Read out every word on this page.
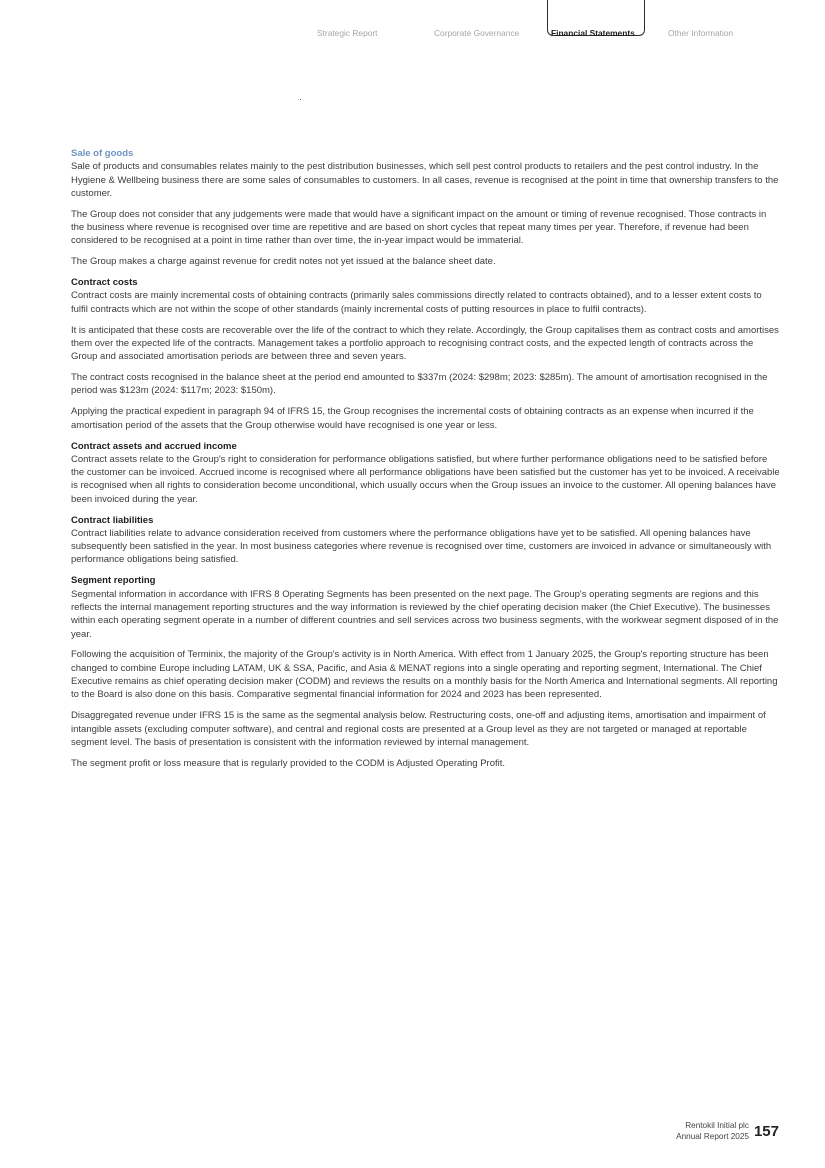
Strategic Report	Corporate Governance	Financial Statements	Other Information
Sale of goods

Sale of products and consumables relates mainly to the pest distribution businesses, which sell pest control products to retailers and the pest control industry. In the Hygiene & Wellbeing business there are some sales of consumables to customers. In all cases, revenue is recognised at the point in time that ownership transfers to the customer.

The Group does not consider that any judgements were made that would have a significant impact on the amount or timing of revenue recognised. Those contracts in the business where revenue is recognised over time are repetitive and are based on short cycles that repeat many times per year. Therefore, if revenue had been considered to be recognised at a point in time rather than over time, the in-year impact would be immaterial.

The Group makes a charge against revenue for credit notes not yet issued at the balance sheet date.

Contract costs

Contract costs are mainly incremental costs of obtaining contracts (primarily sales commissions directly related to contracts obtained), and to a lesser extent costs to fulfil contracts which are not within the scope of other standards (mainly incremental costs of putting resources in place to fulfil contracts).

It is anticipated that these costs are recoverable over the life of the contract to which they relate. Accordingly, the Group capitalises them as contract costs and amortises them over the expected life of the contracts. Management takes a portfolio approach to recognising contract costs, and the expected length of contracts across the Group and associated amortisation periods are between three and seven years.

The contract costs recognised in the balance sheet at the period end amounted to $337m (2024: $298m; 2023: $285m). The amount of amortisation recognised in the period was $123m (2024: $117m; 2023: $150m).

Applying the practical expedient in paragraph 94 of IFRS 15, the Group recognises the incremental costs of obtaining contracts as an expense when incurred if the amortisation period of the assets that the Group otherwise would have recognised is one year or less.

Contract assets and accrued income

Contract assets relate to the Group's right to consideration for performance obligations satisfied, but where further performance obligations need to be satisfied before the customer can be invoiced. Accrued income is recognised where all performance obligations have been satisfied but the customer has yet to be invoiced. A receivable is recognised when all rights to consideration become unconditional, which usually occurs when the Group issues an invoice to the customer. All opening balances have been invoiced during the year.

Contract liabilities

Contract liabilities relate to advance consideration received from customers where the performance obligations have yet to be satisfied. All opening balances have subsequently been satisfied in the year. In most business categories where revenue is recognised over time, customers are invoiced in advance or simultaneously with performance obligations being satisfied.

Segment reporting

Segmental information in accordance with IFRS 8 Operating Segments has been presented on the next page. The Group's operating segments are regions and this reflects the internal management reporting structures and the way information is reviewed by the chief operating decision maker (the Chief Executive). The businesses within each operating segment operate in a number of different countries and sell services across two business segments, with the workwear segment disposed of in the year.

Following the acquisition of Terminix, the majority of the Group's activity is in North America. With effect from 1 January 2025, the Group's reporting structure has been changed to combine Europe including LATAM, UK & SSA, Pacific, and Asia & MENAT regions into a single operating and reporting segment, International. The Chief Executive remains as chief operating decision maker (CODM) and reviews the results on a monthly basis for the North America and International segments. All reporting to the Board is also done on this basis. Comparative segmental financial information for 2024 and 2023 has been represented.

Disaggregated revenue under IFRS 15 is the same as the segmental analysis below. Restructuring costs, one-off and adjusting items, amortisation and impairment of intangible assets (excluding computer software), and central and regional costs are presented at a Group level as they are not targeted or managed at reportable segment level. The basis of presentation is consistent with the information reviewed by internal management.

The segment profit or loss measure that is regularly provided to the CODM is Adjusted Operating Profit.

Rentokil Initial plc
Annual Report 2025 157
